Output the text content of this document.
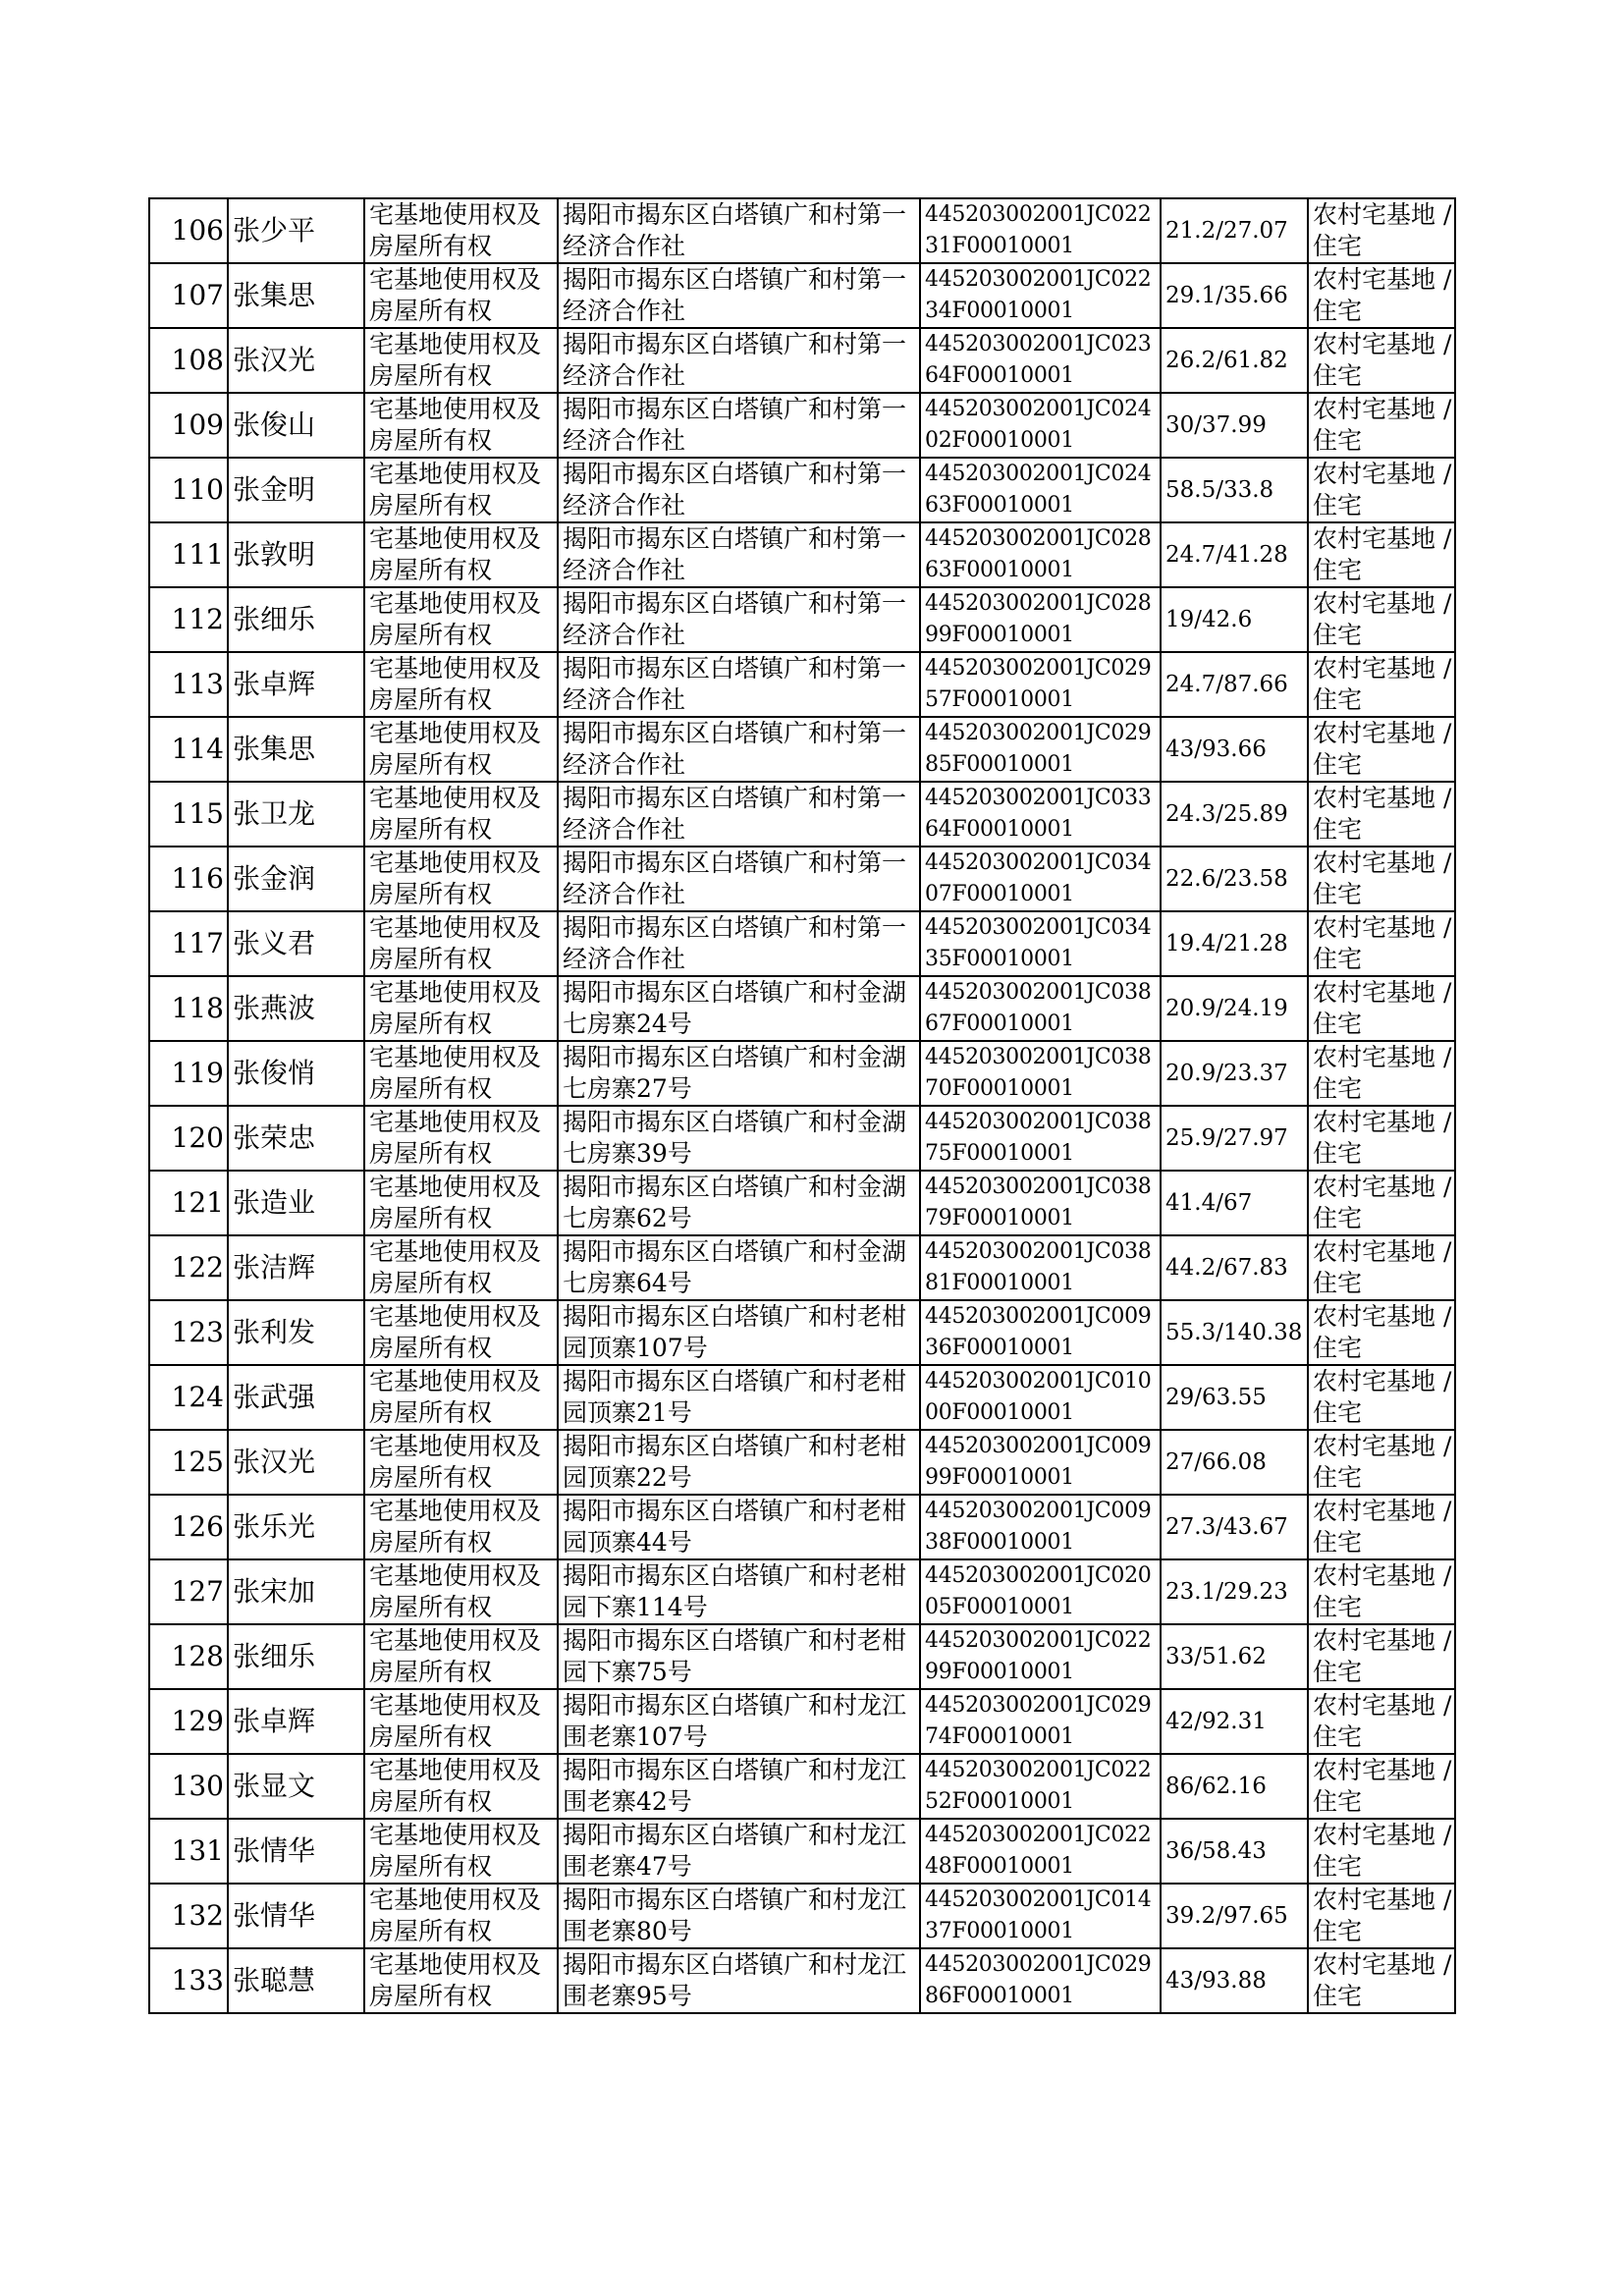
106	张少平	宅基地使用权及房屋所有权	揭阳市揭东区白塔镇广和村第一经济合作社	445203002001JC02231F00010001	21.2/27.07	农村宅基地 / 住宅
107	张集思	宅基地使用权及房屋所有权	揭阳市揭东区白塔镇广和村第一经济合作社	445203002001JC02234F00010001	29.1/35.66	农村宅基地 / 住宅
108	张汉光	宅基地使用权及房屋所有权	揭阳市揭东区白塔镇广和村第一经济合作社	445203002001JC02364F00010001	26.2/61.82	农村宅基地 / 住宅
109	张俊山	宅基地使用权及房屋所有权	揭阳市揭东区白塔镇广和村第一经济合作社	445203002001JC02402F00010001	30/37.99	农村宅基地 / 住宅
110	张金明	宅基地使用权及房屋所有权	揭阳市揭东区白塔镇广和村第一经济合作社	445203002001JC02463F00010001	58.5/33.8	农村宅基地 / 住宅
111	张敦明	宅基地使用权及房屋所有权	揭阳市揭东区白塔镇广和村第一经济合作社	445203002001JC02863F00010001	24.7/41.28	农村宅基地 / 住宅
112	张细乐	宅基地使用权及房屋所有权	揭阳市揭东区白塔镇广和村第一经济合作社	445203002001JC02899F00010001	19/42.6	农村宅基地 / 住宅
113	张卓辉	宅基地使用权及房屋所有权	揭阳市揭东区白塔镇广和村第一经济合作社	445203002001JC02957F00010001	24.7/87.66	农村宅基地 / 住宅
114	张集思	宅基地使用权及房屋所有权	揭阳市揭东区白塔镇广和村第一经济合作社	445203002001JC02985F00010001	43/93.66	农村宅基地 / 住宅
115	张卫龙	宅基地使用权及房屋所有权	揭阳市揭东区白塔镇广和村第一经济合作社	445203002001JC03364F00010001	24.3/25.89	农村宅基地 / 住宅
116	张金润	宅基地使用权及房屋所有权	揭阳市揭东区白塔镇广和村第一经济合作社	445203002001JC03407F00010001	22.6/23.58	农村宅基地 / 住宅
117	张义君	宅基地使用权及房屋所有权	揭阳市揭东区白塔镇广和村第一经济合作社	445203002001JC03435F00010001	19.4/21.28	农村宅基地 / 住宅
118	张燕波	宅基地使用权及房屋所有权	揭阳市揭东区白塔镇广和村金湖七房寨24号	445203002001JC03867F00010001	20.9/24.19	农村宅基地 / 住宅
119	张俊悄	宅基地使用权及房屋所有权	揭阳市揭东区白塔镇广和村金湖七房寨27号	445203002001JC03870F00010001	20.9/23.37	农村宅基地 / 住宅
120	张荣忠	宅基地使用权及房屋所有权	揭阳市揭东区白塔镇广和村金湖七房寨39号	445203002001JC03875F00010001	25.9/27.97	农村宅基地 / 住宅
121	张造业	宅基地使用权及房屋所有权	揭阳市揭东区白塔镇广和村金湖七房寨62号	445203002001JC03879F00010001	41.4/67	农村宅基地 / 住宅
122	张洁辉	宅基地使用权及房屋所有权	揭阳市揭东区白塔镇广和村金湖七房寨64号	445203002001JC03881F00010001	44.2/67.83	农村宅基地 / 住宅
123	张利发	宅基地使用权及房屋所有权	揭阳市揭东区白塔镇广和村老柑园顶寨107号	445203002001JC00936F00010001	55.3/140.38	农村宅基地 / 住宅
124	张武强	宅基地使用权及房屋所有权	揭阳市揭东区白塔镇广和村老柑园顶寨21号	445203002001JC01000F00010001	29/63.55	农村宅基地 / 住宅
125	张汉光	宅基地使用权及房屋所有权	揭阳市揭东区白塔镇广和村老柑园顶寨22号	445203002001JC00999F00010001	27/66.08	农村宅基地 / 住宅
126	张乐光	宅基地使用权及房屋所有权	揭阳市揭东区白塔镇广和村老柑园顶寨44号	445203002001JC00938F00010001	27.3/43.67	农村宅基地 / 住宅
127	张宋加	宅基地使用权及房屋所有权	揭阳市揭东区白塔镇广和村老柑园下寨114号	445203002001JC02005F00010001	23.1/29.23	农村宅基地 / 住宅
128	张细乐	宅基地使用权及房屋所有权	揭阳市揭东区白塔镇广和村老柑园下寨75号	445203002001JC02299F00010001	33/51.62	农村宅基地 / 住宅
129	张卓辉	宅基地使用权及房屋所有权	揭阳市揭东区白塔镇广和村龙江围老寨107号	445203002001JC02974F00010001	42/92.31	农村宅基地 / 住宅
130	张显文	宅基地使用权及房屋所有权	揭阳市揭东区白塔镇广和村龙江围老寨42号	445203002001JC02252F00010001	86/62.16	农村宅基地 / 住宅
131	张情华	宅基地使用权及房屋所有权	揭阳市揭东区白塔镇广和村龙江围老寨47号	445203002001JC02248F00010001	36/58.43	农村宅基地 / 住宅
132	张情华	宅基地使用权及房屋所有权	揭阳市揭东区白塔镇广和村龙江围老寨80号	445203002001JC01437F00010001	39.2/97.65	农村宅基地 / 住宅
133	张聪慧	宅基地使用权及房屋所有权	揭阳市揭东区白塔镇广和村龙江围老寨95号	445203002001JC02986F00010001	43/93.88	农村宅基地 / 住宅
